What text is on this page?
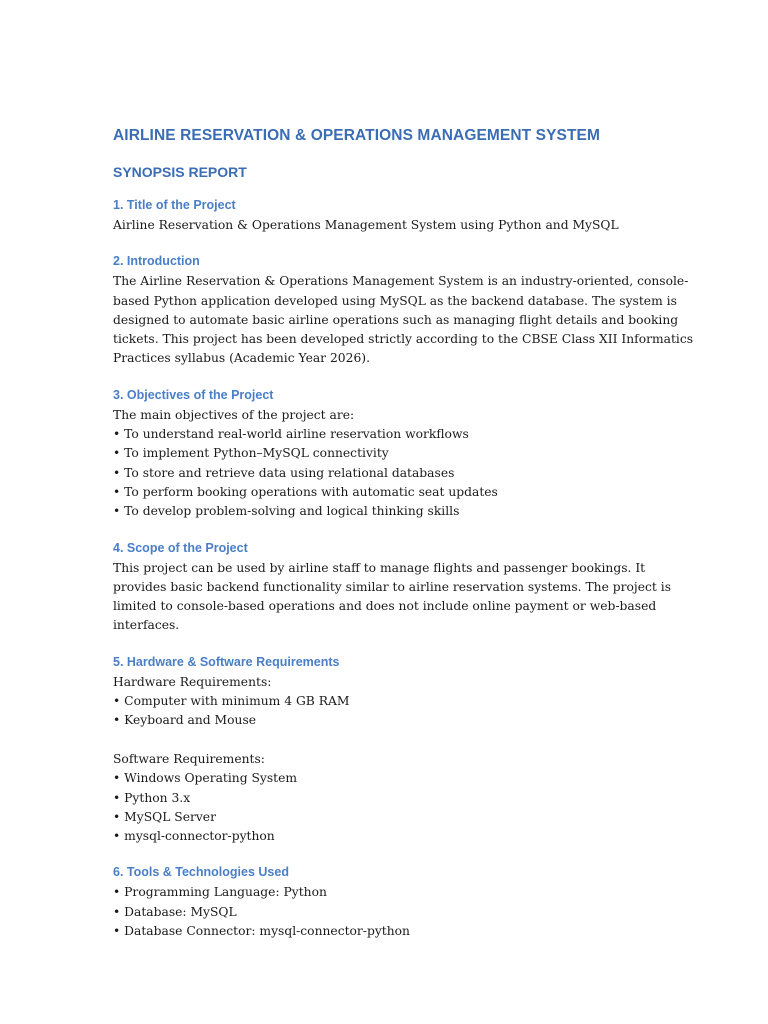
AIRLINE RESERVATION & OPERATIONS MANAGEMENT SYSTEM
SYNOPSIS REPORT
1. Title of the Project

Airline Reservation & Operations Management System using Python and MySQL

2. Introduction

The Airline Reservation & Operations Management System is an industry-oriented, console-
based Python application developed using MySQL as the backend database. The system is
designed to automate basic airline operations such as managing flight details and booking
tickets. This project has been developed strictly according to the CBSE Class XII Informatics
Practices syllabus (Academic Year 2026).

3. Objectives of the Project

The main objectives of the project are:
• To understand real-world airline reservation workflows
• To implement Python–MySQL connectivity
• To store and retrieve data using relational databases
• To perform booking operations with automatic seat updates
• To develop problem-solving and logical thinking skills

4. Scope of the Project

This project can be used by airline staff to manage flights and passenger bookings. It
provides basic backend functionality similar to airline reservation systems. The project is
limited to console-based operations and does not include online payment or web-based
interfaces.

5. Hardware & Software Requirements

Hardware Requirements:
• Computer with minimum 4 GB RAM
• Keyboard and Mouse
Software Requirements:
• Windows Operating System
• Python 3.x
• MySQL Server
• mysql-connector-python

6. Tools & Technologies Used

• Programming Language: Python
• Database: MySQL
• Database Connector: mysql-connector-python
